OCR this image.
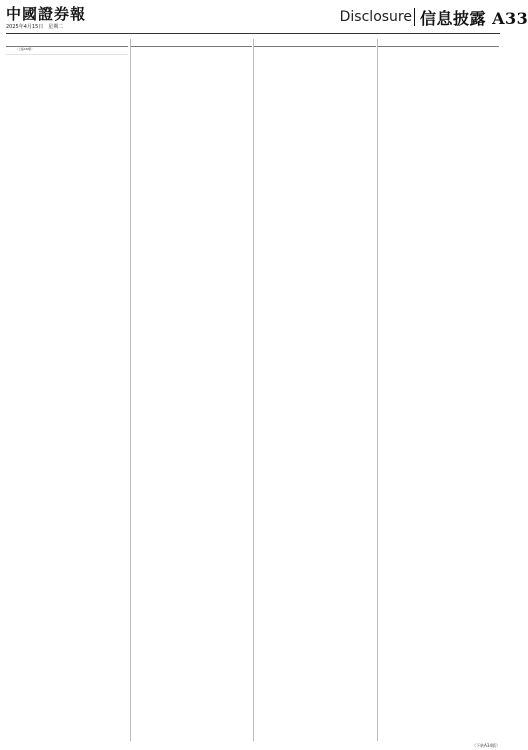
中國證券報
2025年4月15日　星期二
Disclosure 信息披露 A33
（上接A32版）
（下转A34版）
